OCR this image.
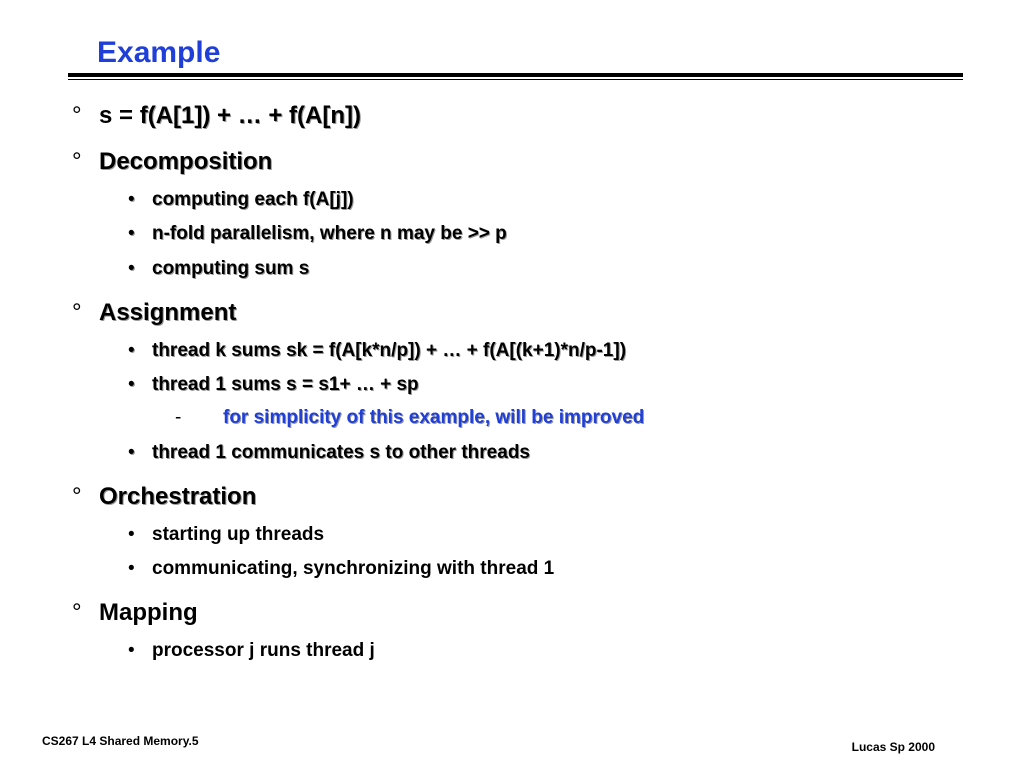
Example
° s = f(A[1]) + … + f(A[n])
° Decomposition
• computing each f(A[j])
• n-fold parallelism, where n may be >> p
• computing sum s
° Assignment
• thread k sums sk = f(A[k*n/p]) + … + f(A[(k+1)*n/p-1])
• thread 1 sums s = s1+ … + sp
- for simplicity of this example, will be improved
• thread 1 communicates s to other threads
° Orchestration
• starting up threads
• communicating, synchronizing with thread 1
° Mapping
• processor j runs thread j
CS267 L4 Shared Memory.5	Lucas Sp 2000
